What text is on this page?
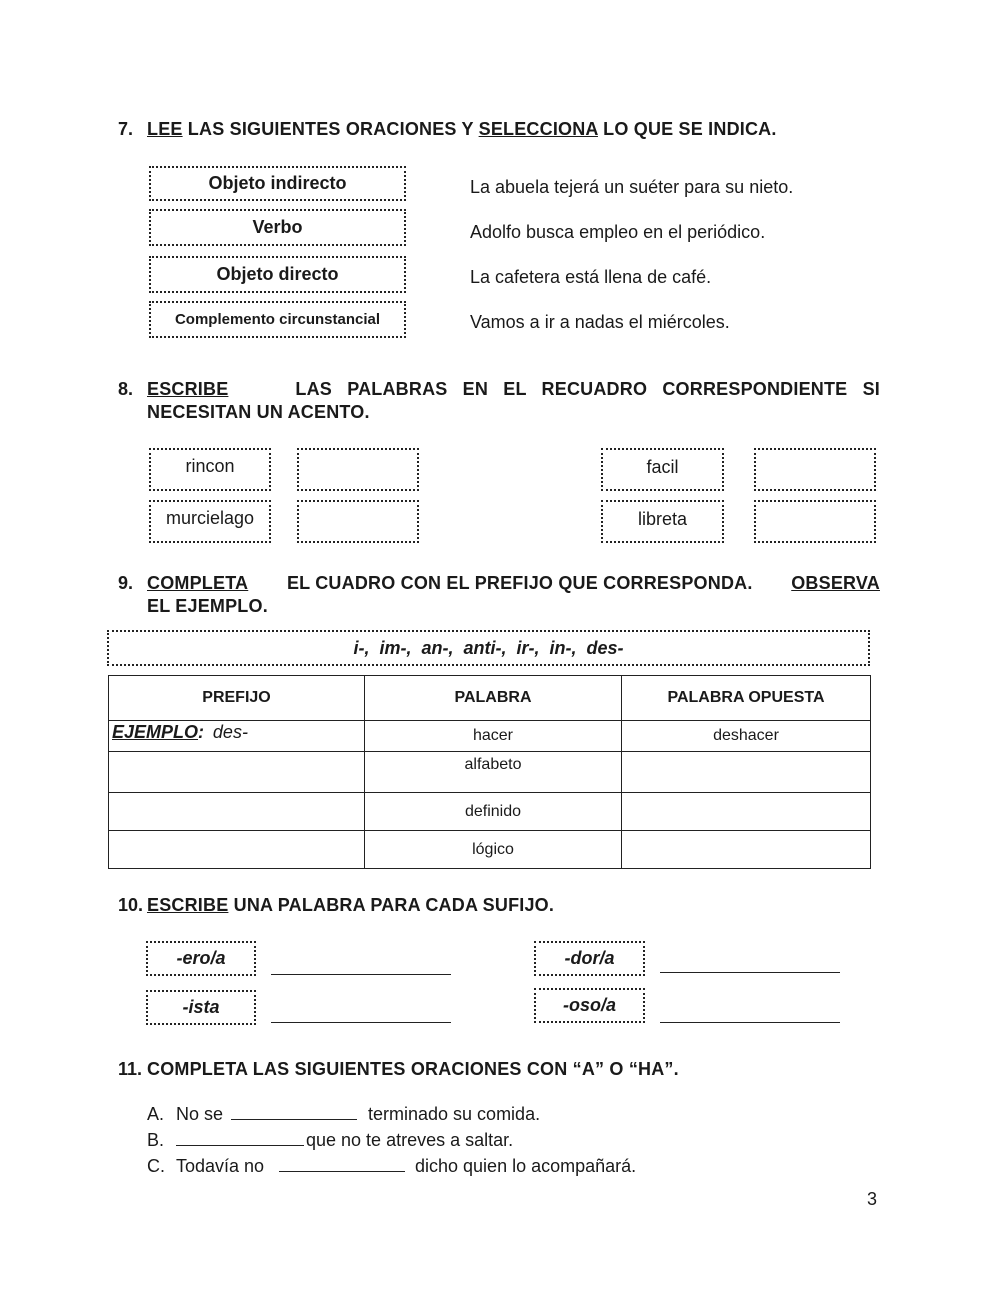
7. LEE LAS SIGUIENTES ORACIONES Y SELECCIONA LO QUE SE INDICA.
Objeto indirecto
Verbo
Objeto directo
Complemento circunstancial
La abuela tejerá un suéter para su nieto.
Adolfo busca empleo en el periódico.
La cafetera está llena de café.
Vamos a ir a nadas el miércoles.
8. ESCRIBE	LAS PALABRAS EN EL RECUADRO CORRESPONDIENTE SI
NECESITAN UN ACENTO.
rincon
murcielago
facil
libreta
9. COMPLETA EL CUADRO CON EL PREFIJO QUE CORRESPONDA. OBSERVA
EL EJEMPLO.
i-,  im-,  an-,  anti-,  ir-,  in-,  des-
PREFIJO	PALABRA	PALABRA OPUESTA
EJEMPLO: des-	hacer	deshacer
	alfabeto	
	definido	
	lógico	
10. ESCRIBE UNA PALABRA PARA CADA SUFIJO.
-ero/a
-ista
-dor/a
-oso/a
11. COMPLETA LAS SIGUIENTES ORACIONES CON “A” O “HA”.
A. No se	terminado su comida.
B.	que no te atreves a saltar.
C. Todavía no	dicho quien lo acompañará.
3
